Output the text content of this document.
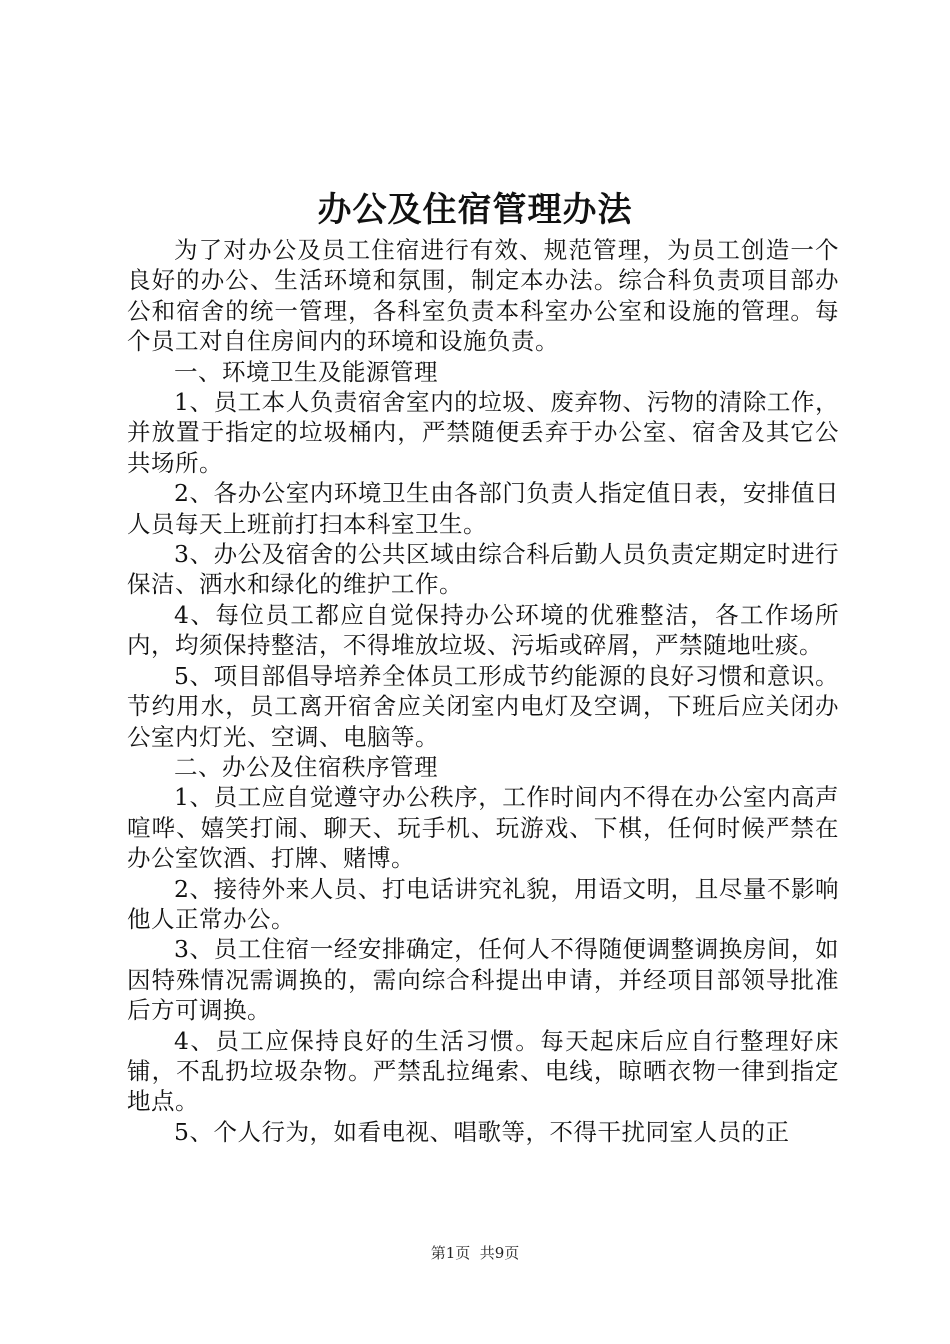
办公及住宿管理办法

为了对办公及员工住宿进行有效、规范管理，为员工创造一个良好的办公、生活环境和氛围，制定本办法。综合科负责项目部办公和宿舍的统一管理，各科室负责本科室办公室和设施的管理。每个员工对自住房间内的环境和设施负责。

一、环境卫生及能源管理

1、员工本人负责宿舍室内的垃圾、废弃物、污物的清除工作，并放置于指定的垃圾桶内，严禁随便丢弃于办公室、宿舍及其它公共场所。

2、各办公室内环境卫生由各部门负责人指定值日表，安排值日人员每天上班前打扫本科室卫生。

3、办公及宿舍的公共区域由综合科后勤人员负责定期定时进行保洁、洒水和绿化的维护工作。

4、每位员工都应自觉保持办公环境的优雅整洁，各工作场所内，均须保持整洁，不得堆放垃圾、污垢或碎屑，严禁随地吐痰。

5、项目部倡导培养全体员工形成节约能源的良好习惯和意识。节约用水，员工离开宿舍应关闭室内电灯及空调，下班后应关闭办公室内灯光、空调、电脑等。

二、办公及住宿秩序管理

1、员工应自觉遵守办公秩序，工作时间内不得在办公室内高声喧哗、嬉笑打闹、聊天、玩手机、玩游戏、下棋，任何时候严禁在办公室饮酒、打牌、赌博。

2、接待外来人员、打电话讲究礼貌，用语文明，且尽量不影响他人正常办公。

3、员工住宿一经安排确定，任何人不得随便调整调换房间，如因特殊情况需调换的，需向综合科提出申请，并经项目部领导批准后方可调换。

4、员工应保持良好的生活习惯。每天起床后应自行整理好床铺，不乱扔垃圾杂物。严禁乱拉绳索、电线，晾晒衣物一律到指定地点。

5、个人行为，如看电视、唱歌等，不得干扰同室人员的正

第1页  共9页
